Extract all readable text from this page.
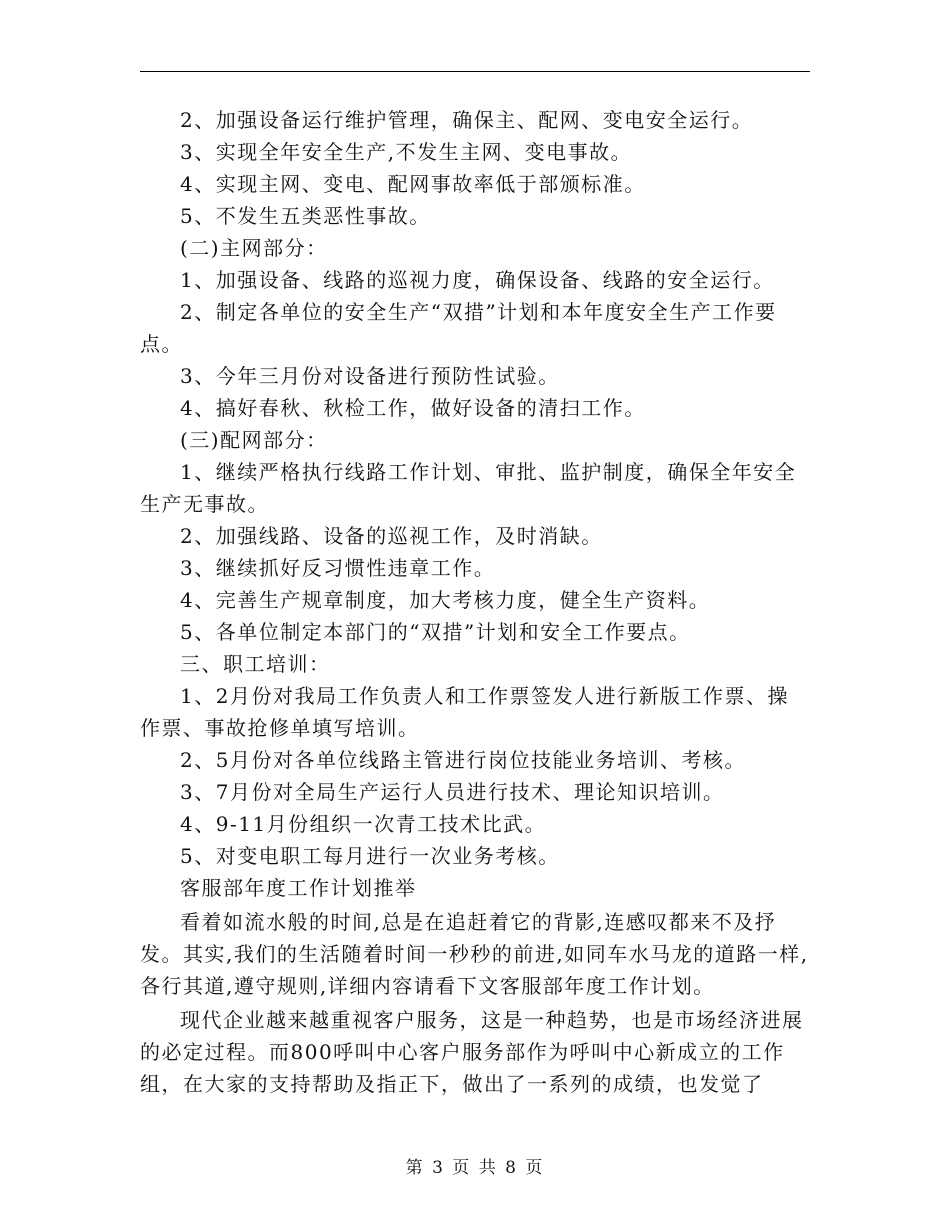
2、加强设备运行维护管理，确保主、配网、变电安全运行。

3、实现全年安全生产,不发生主网、变电事故。

4、实现主网、变电、配网事故率低于部颁标准。

5、不发生五类恶性事故。

(二)主网部分：

1、加强设备、线路的巡视力度，确保设备、线路的安全运行。

2、制定各单位的安全生产“双措”计划和本年度安全生产工作要点。

3、今年三月份对设备进行预防性试验。

4、搞好春秋、秋检工作，做好设备的清扫工作。

(三)配网部分：

1、继续严格执行线路工作计划、审批、监护制度，确保全年安全生产无事故。

2、加强线路、设备的巡视工作，及时消缺。

3、继续抓好反习惯性违章工作。

4、完善生产规章制度，加大考核力度，健全生产资料。

5、各单位制定本部门的“双措”计划和安全工作要点。

三、职工培训：

1、2月份对我局工作负责人和工作票签发人进行新版工作票、操作票、事故抢修单填写培训。

2、5月份对各单位线路主管进行岗位技能业务培训、考核。

3、7月份对全局生产运行人员进行技术、理论知识培训。

4、9-11月份组织一次青工技术比武。

5、对变电职工每月进行一次业务考核。

客服部年度工作计划推举

看着如流水般的时间,总是在追赶着它的背影,连感叹都来不及抒发。其实,我们的生活随着时间一秒秒的前进,如同车水马龙的道路一样,各行其道,遵守规则,详细内容请看下文客服部年度工作计划。

现代企业越来越重视客户服务，这是一种趋势，也是市场经济进展的必定过程。而800呼叫中心客户服务部作为呼叫中心新成立的工作组，在大家的支持帮助及指正下，做出了一系列的成绩，也发觉了

第 3 页 共 8 页
